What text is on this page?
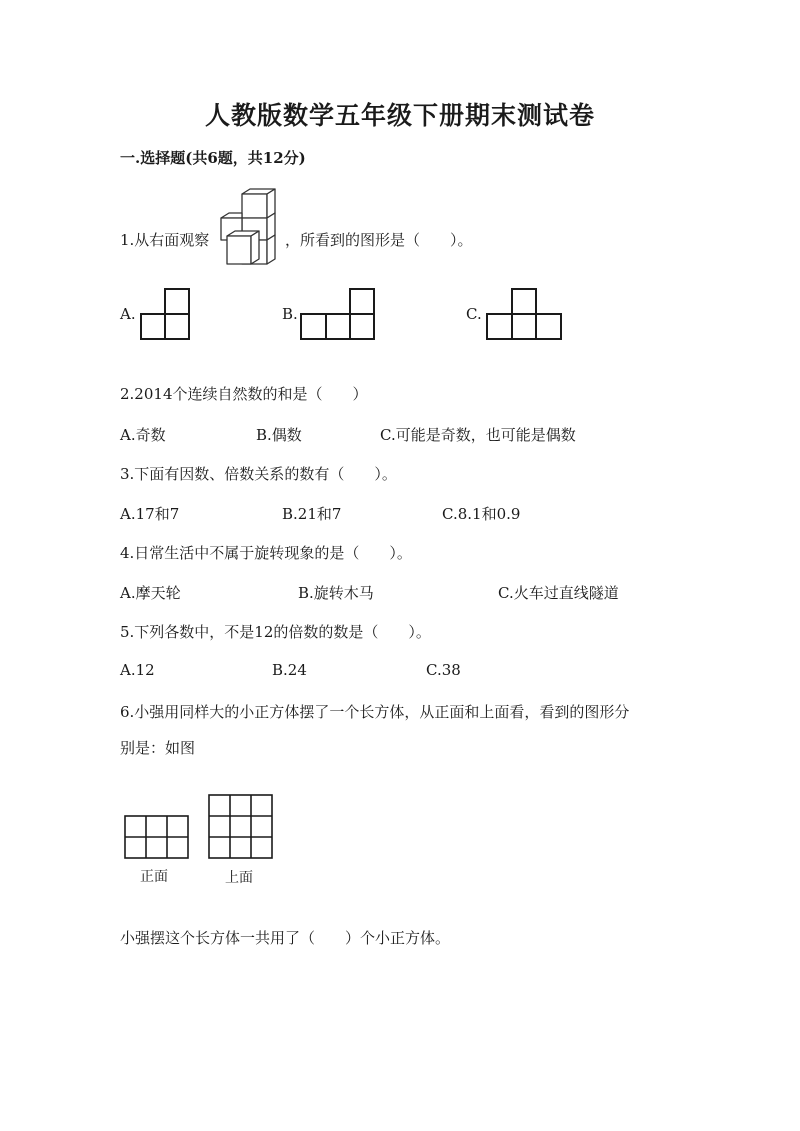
人教版数学五年级下册期末测试卷
一.选择题(共6题，共12分)
1.从右面观察	，所看到的图形是（　　）。
A.	B.	C.
2.2014个连续自然数的和是（　　）
A.奇数	B.偶数	C.可能是奇数，也可能是偶数
3.下面有因数、倍数关系的数有（　　）。
A.17和7	B.21和7	C.8.1和0.9
4.日常生活中不属于旋转现象的是（　　）。
A.摩天轮	B.旋转木马	C.火车过直线隧道
5.下列各数中，不是12的倍数的数是（　　）。
A.12	B.24	C.38
6.小强用同样大的小正方体摆了一个长方体，从正面和上面看，看到的图形分
别是：如图
正面	上面
小强摆这个长方体一共用了（　　）个小正方体。
